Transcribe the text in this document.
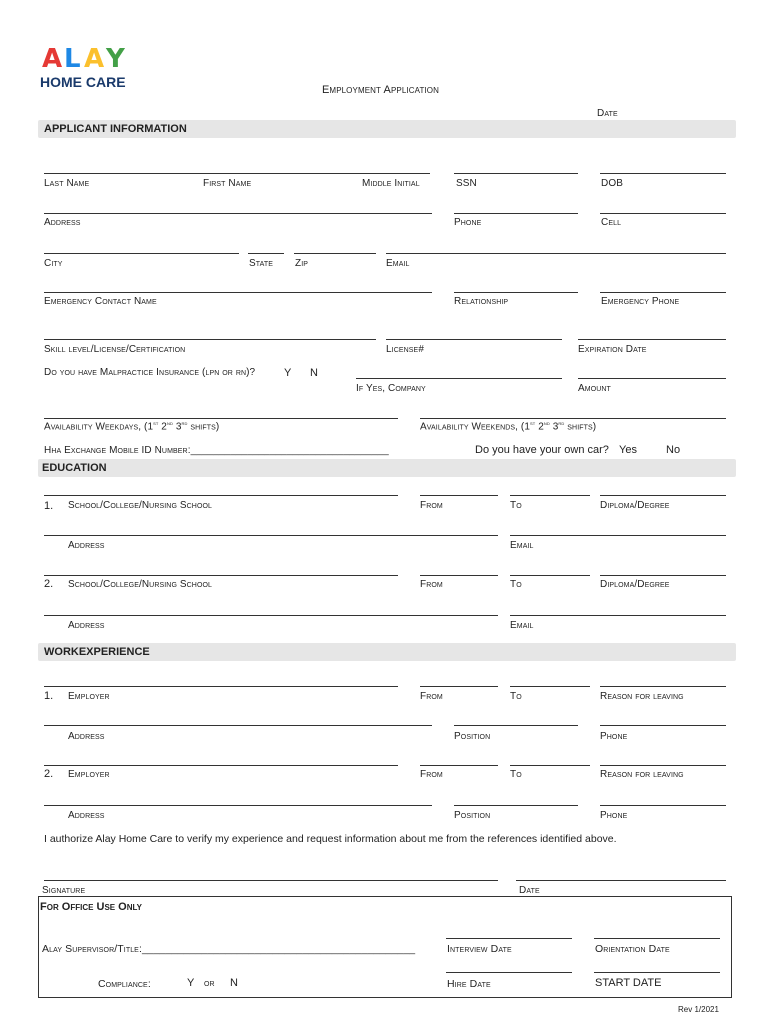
A L A Y
HOME CARE	Employment Application
Date
APPLICANT INFORMATION
Last Name	First Name	Middle Initial	SSN	DOB
Address	Phone	Cell
City	State Zip	Email
Emergency Contact Name	Relationship	Emergency Phone
Skill level/License/Certification	License#	Expiration Date
Do you have Malpractice Insurance (lpn or rn)?	Y N
If Yes, Company	Amount
Availability Weekdays, (1st 2nd 3rd shifts)	Availability Weekends, (1st 2nd 3rd shifts)
Hha Exchange Mobile ID Number:___________________________________	Do you have your own car? Yes	No
EDUCATION
1. School/College/Nursing School	From	To	Diploma/Degree
Address	Email
2. School/College/Nursing School	From	To	Diploma/Degree
Address	Email
WORKEXPERIENCE
1. Employer	From	To	Reason for leaving
Address	Position	Phone
2. Employer	From	To	Reason for leaving
Address	Position	Phone
I authorize Alay Home Care to verify my experience and request information about me from the references identified above.
Signature	Date
For Office Use Only
Alay Supervisor/Title:______________________________________________	Interview Date	Orientation Date
Compliance:	Y or N	Hire Date	START DATE
Rev 1/2021
